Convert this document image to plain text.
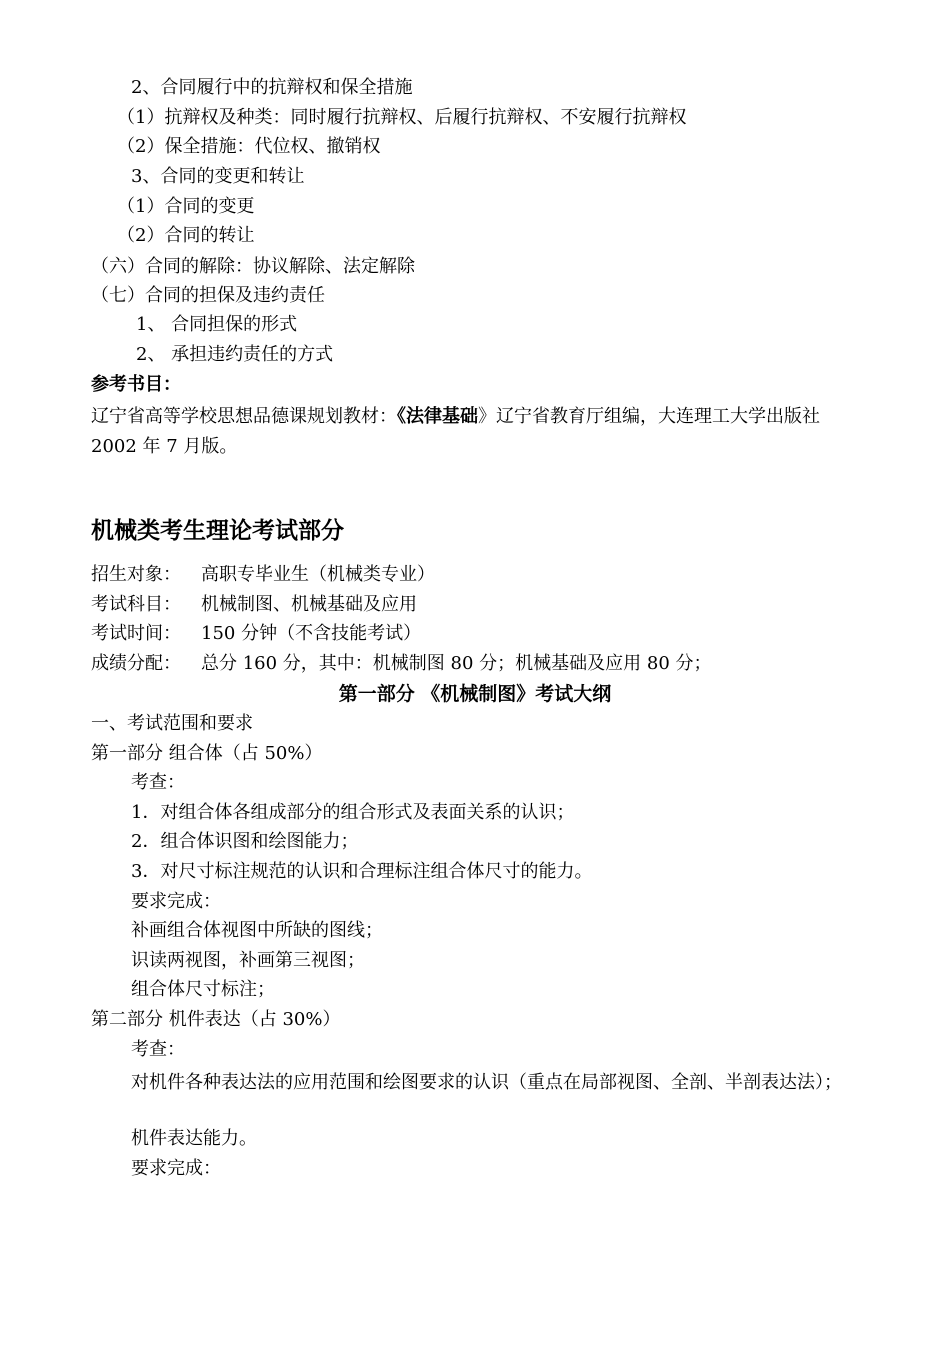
2、合同履行中的抗辩权和保全措施
（1）抗辩权及种类：同时履行抗辩权、后履行抗辩权、不安履行抗辩权
（2）保全措施：代位权、撤销权
3、合同的变更和转让
（1）合同的变更
（2）合同的转让
（六）合同的解除：协议解除、法定解除
（七）合同的担保及违约责任
1、 合同担保的形式
2、 承担违约责任的方式
参考书目：
辽宁省高等学校思想品德课规划教材：《法律基础》辽宁省教育厅组编，大连理工大学出版社 2002 年 7 月版。
机械类考生理论考试部分
招生对象： 高职专毕业生（机械类专业）
考试科目： 机械制图、机械基础及应用
考试时间： 150 分钟（不含技能考试）
成绩分配： 总分 160 分，其中：机械制图 80 分；机械基础及应用 80 分；
第一部分 《机械制图》考试大纲
一、考试范围和要求
第一部分 组合体（占 50%）
考查：
1．对组合体各组成部分的组合形式及表面关系的认识；
2．组合体识图和绘图能力；
3．对尺寸标注规范的认识和合理标注组合体尺寸的能力。
要求完成：
补画组合体视图中所缺的图线；
识读两视图，补画第三视图；
组合体尺寸标注；
第二部分 机件表达（占 30%）
考查：
对机件各种表达法的应用范围和绘图要求的认识（重点在局部视图、全剖、半剖表达法）；
机件表达能力。
要求完成：
